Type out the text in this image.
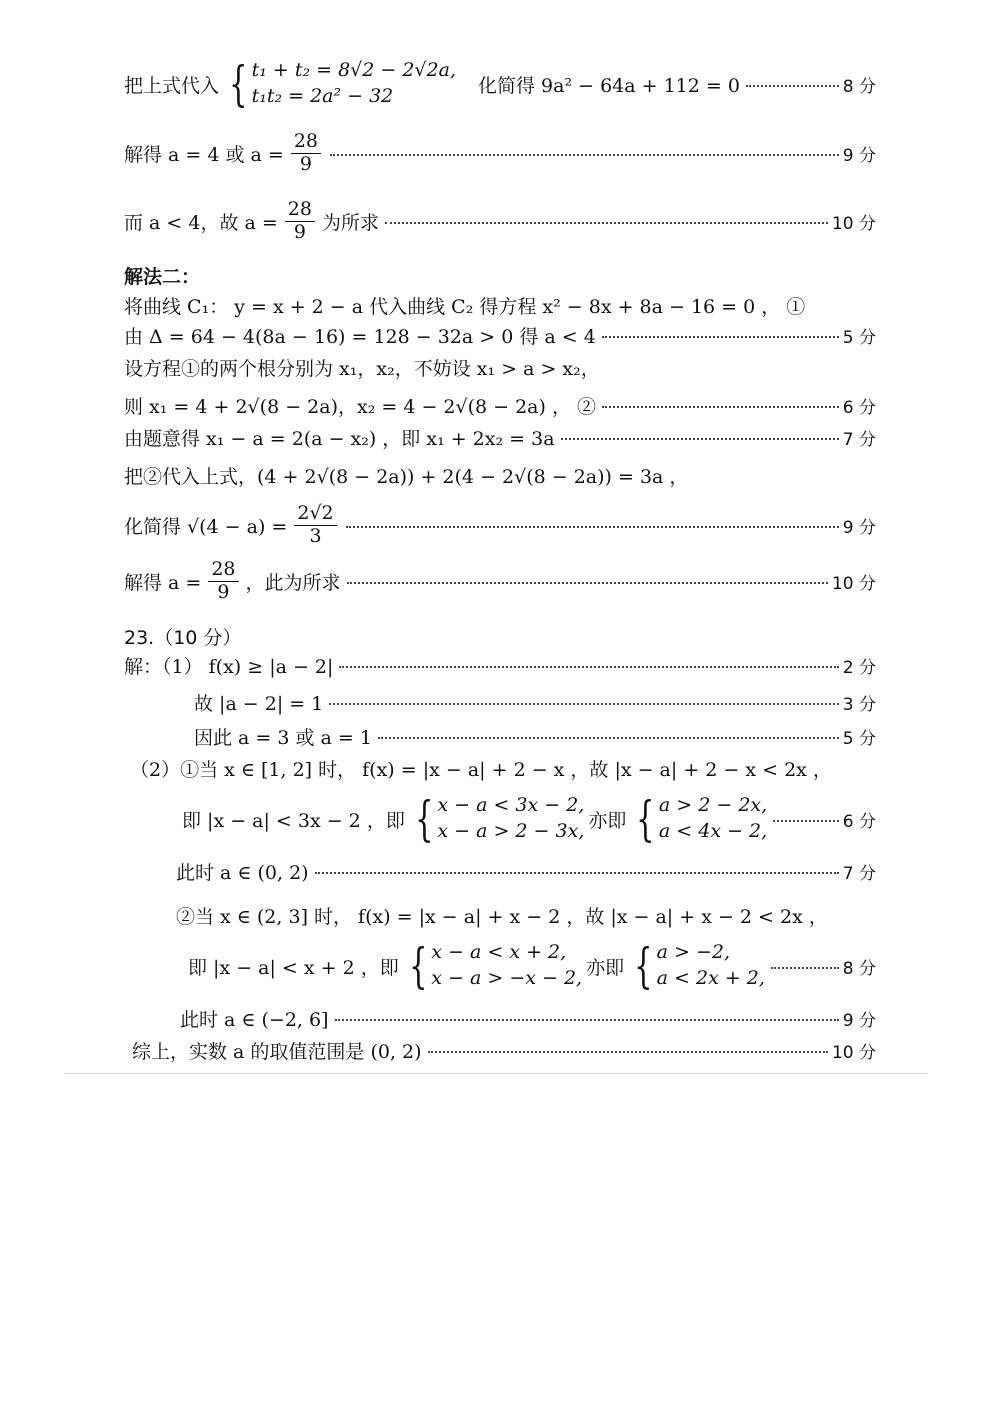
把上式代入 { t₁ + t₂ = 8√2 − 2√2a,
t₁t₂ = 2a² − 32	化简得 9a² − 64a + 112 = 0	8 分
解得 a = 4 或 $a = \frac{28}{9}$	9 分
而 a < 4，故 $a = \frac{28}{9}$ 为所求	10 分
解法二：
将曲线 C₁： y = x + 2 − a 代入曲线 C₂ 得方程 x² − 8x + 8a − 16 = 0 ， ①
由 Δ = 64 − 4(8a − 16) = 128 − 32a > 0 得 a < 4	5 分
设方程①的两个根分别为 x₁，x₂，不妨设 x₁ > a > x₂，
则 x₁ = 4 + 2√(8 − 2a)，x₂ = 4 − 2√(8 − 2a) ， ②	6 分
由题意得 x₁ − a = 2(a − x₂) ，即 x₁ + 2x₂ = 3a	7 分
把②代入上式，(4 + 2√(8 − 2a)) + 2(4 − 2√(8 − 2a)) = 3a ，
化简得 $√(4 - a) = \frac{2√2}{3}$	9 分
解得 $a = \frac{28}{9}$ ，此为所求	10 分
23.（10 分）
解：（1） f(x) ≥ |a − 2|	2 分
故 |a − 2| = 1	3 分
因此 a = 3 或 a = 1	5 分
（2）①当 x ∈ [1, 2] 时， f(x) = |x − a| + 2 − x ，故 |x − a| + 2 − x < 2x ，
即 |x − a| < 3x − 2 ，即 { x − a < 3x − 2,
x − a > 2 − 3x, 亦即 { a > 2 − 2x,
a < 4x − 2,	6 分
此时 a ∈ (0, 2)	7 分
②当 x ∈ (2, 3] 时， f(x) = |x − a| + x − 2 ，故 |x − a| + x − 2 < 2x ，
即 |x − a| < x + 2 ，即 { x − a < x + 2,
x − a > −x − 2, 亦即 { a > −2,
a < 2x + 2,	8 分
此时 a ∈ (−2, 6]	9 分
综上，实数 a 的取值范围是 (0, 2)	10 分
